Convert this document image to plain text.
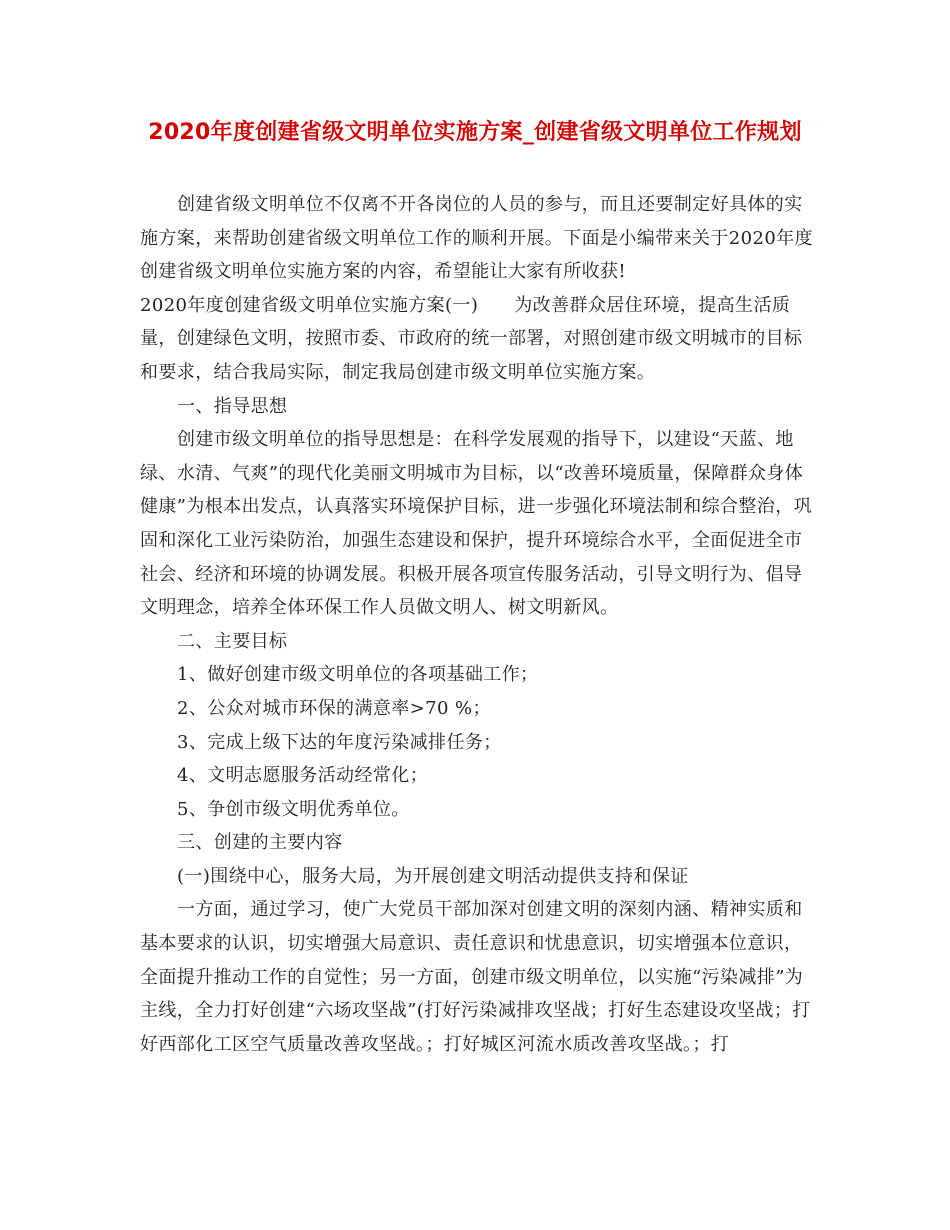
2020年度创建省级文明单位实施方案_创建省级文明单位工作规划

创建省级文明单位不仅离不开各岗位的人员的参与，而且还要制定好具体的实施方案，来帮助创建省级文明单位工作的顺利开展。下面是小编带来关于2020年度创建省级文明单位实施方案的内容，希望能让大家有所收获!

2020年度创建省级文明单位实施方案(一) 为改善群众居住环境，提高生活质量，创建绿色文明，按照市委、市政府的统一部署，对照创建市级文明城市的目标和要求，结合我局实际，制定我局创建市级文明单位实施方案。

一、指导思想

创建市级文明单位的指导思想是：在科学发展观的指导下，以建设“天蓝、地绿、水清、气爽”的现代化美丽文明城市为目标，以“改善环境质量，保障群众身体健康”为根本出发点，认真落实环境保护目标，进一步强化环境法制和综合整治，巩固和深化工业污染防治，加强生态建设和保护，提升环境综合水平，全面促进全市社会、经济和环境的协调发展。积极开展各项宣传服务活动，引导文明行为、倡导文明理念，培养全体环保工作人员做文明人、树文明新风。

二、主要目标

1、做好创建市级文明单位的各项基础工作；

2、公众对城市环保的满意率>70 %；

3、完成上级下达的年度污染减排任务；

4、文明志愿服务活动经常化；

5、争创市级文明优秀单位。

三、创建的主要内容

(一)围绕中心，服务大局，为开展创建文明活动提供支持和保证

一方面，通过学习，使广大党员干部加深对创建文明的深刻内涵、精神实质和基本要求的认识，切实增强大局意识、责任意识和忧患意识，切实增强本位意识，全面提升推动工作的自觉性；另一方面，创建市级文明单位，以实施“污染减排”为主线，全力打好创建“六场攻坚战”(打好污染减排攻坚战；打好生态建设攻坚战；打好西部化工区空气质量改善攻坚战。；打好城区河流水质改善攻坚战。；打
